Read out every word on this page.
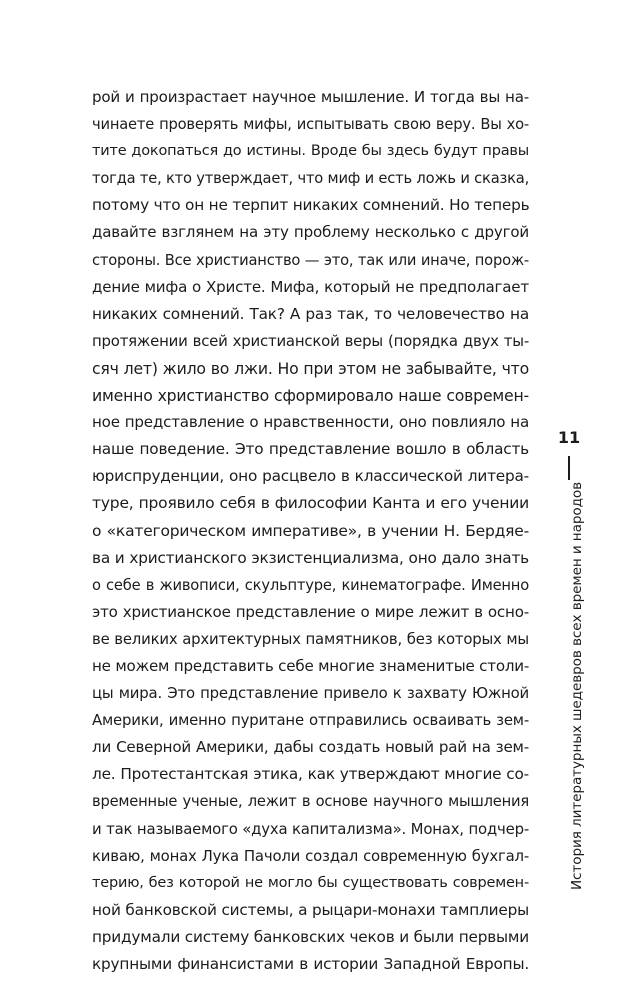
рой и произрастает научное мышление. И тогда вы на-
чинаете проверять мифы, испытывать свою веру. Вы хо-
тите докопаться до истины. Вроде бы здесь будут правы
тогда те, кто утверждает, что миф и есть ложь и сказка,
потому что он не терпит никаких сомнений. Но теперь
давайте взглянем на эту проблему несколько с другой
стороны. Все христианство — это, так или иначе, порож-
дение мифа о Христе. Мифа, который не предполагает
никаких сомнений. Так? А раз так, то человечество на
протяжении всей христианской веры (порядка двух ты-
сяч лет) жило во лжи. Но при этом не забывайте, что
именно христианство сформировало наше современ-
ное представление о нравственности, оно повлияло на
наше поведение. Это представление вошло в область
юриспруденции, оно расцвело в классической литера-
туре, проявило себя в философии Канта и его учении
о «категорическом императиве», в учении Н. Бердяе-
ва и христианского экзистенциализма, оно дало знать
о себе в живописи, скульптуре, кинематографе. Именно
это христианское представление о мире лежит в осно-
ве великих архитектурных памятников, без которых мы
не можем представить себе многие знаменитые столи-
цы мира. Это представление привело к захвату Южной
Америки, именно пуритане отправились осваивать зем-
ли Северной Америки, дабы создать новый рай на зем-
ле. Протестантская этика, как утверждают многие со-
временные ученые, лежит в основе научного мышления
и так называемого «духа капитализма». Монах, подчер-
киваю, монах Лука Пачоли создал современную бухгал-
терию, без которой не могло бы существовать современ-
ной банковской системы, а рыцари-монахи тамплиеры
придумали систему банковских чеков и были первыми
крупными финансистами в истории Западной Европы.
11
История литературных шедевров всех времен и народов
